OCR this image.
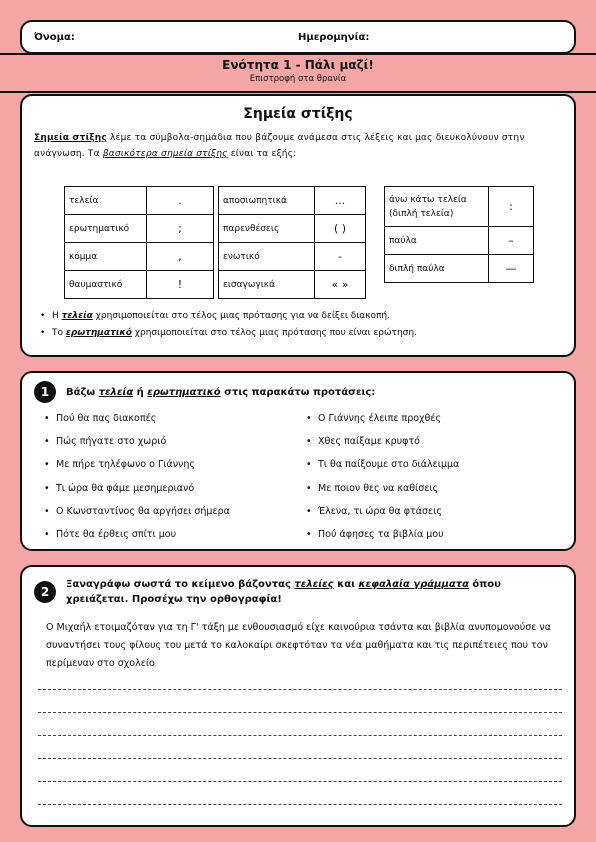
Όνομα:	Ημερομηνία:
Ενότητα 1 - Πάλι μαζί!
Επιστροφή στα θρανία
Σημεία στίξης
Σημεία στίξης λέμε τα σύμβολα-σημάδια που βάζουμε ανάμεσα στις λέξεις και μας διευκολύνουν στην ανάγνωση. Τα βασικότερα σημεία στίξης είναι τα εξής:
τελεία	.
ερωτηματικό	;
κόμμα	,
θαυμαστικό	!
αποσιωπητικά	...
παρενθέσεις	( )
ενωτικό	-
εισαγωγικά	« »
άνω κάτω τελεία (διπλή τελεία)	:
παύλα	–
διπλή παύλα	—
• Η τελεία χρησιμοποιείται στο τέλος μιας πρότασης για να δείξει διακοπή.
• Το ερωτηματικό χρησιμοποιείται στο τέλος μιας πρότασης που είναι ερώτηση.
1	Βάζω τελεία ή ερωτηματικό στις παρακάτω προτάσεις:
• Πού θα πας διακοπές
• Πώς πήγατε στο χωριό
• Με πήρε τηλέφωνο ο Γιάννης
• Τι ώρα θα φάμε μεσημεριανό
• Ο Κωνσταντίνος θα αργήσει σήμερα
• Πότε θα έρθεις σπίτι μου
• Ο Γιάννης έλειπε προχθές
• Χθες παίξαμε κρυφτό
• Τι θα παίξουμε στο διάλειμμα
• Με ποιον θες να καθίσεις
• Έλενα, τι ώρα θα φτάσεις
• Πού άφησες τα βιβλία μου
2
Ξαναγράφω σωστά το κείμενο βάζοντας τελείες και κεφαλαία γράμματα όπου
χρειάζεται. Προσέχω την ορθογραφία!
Ο Μιχαήλ ετοιμαζόταν για τη Γ' τάξη με ενθουσιασμό είχε καινούρια τσάντα και βιβλία ανυπομονούσε να συναντήσει τους φίλους του μετά το καλοκαίρι σκεφτόταν τα νέα μαθήματα και τις περιπέτειες που τον περίμεναν στο σχολείο
